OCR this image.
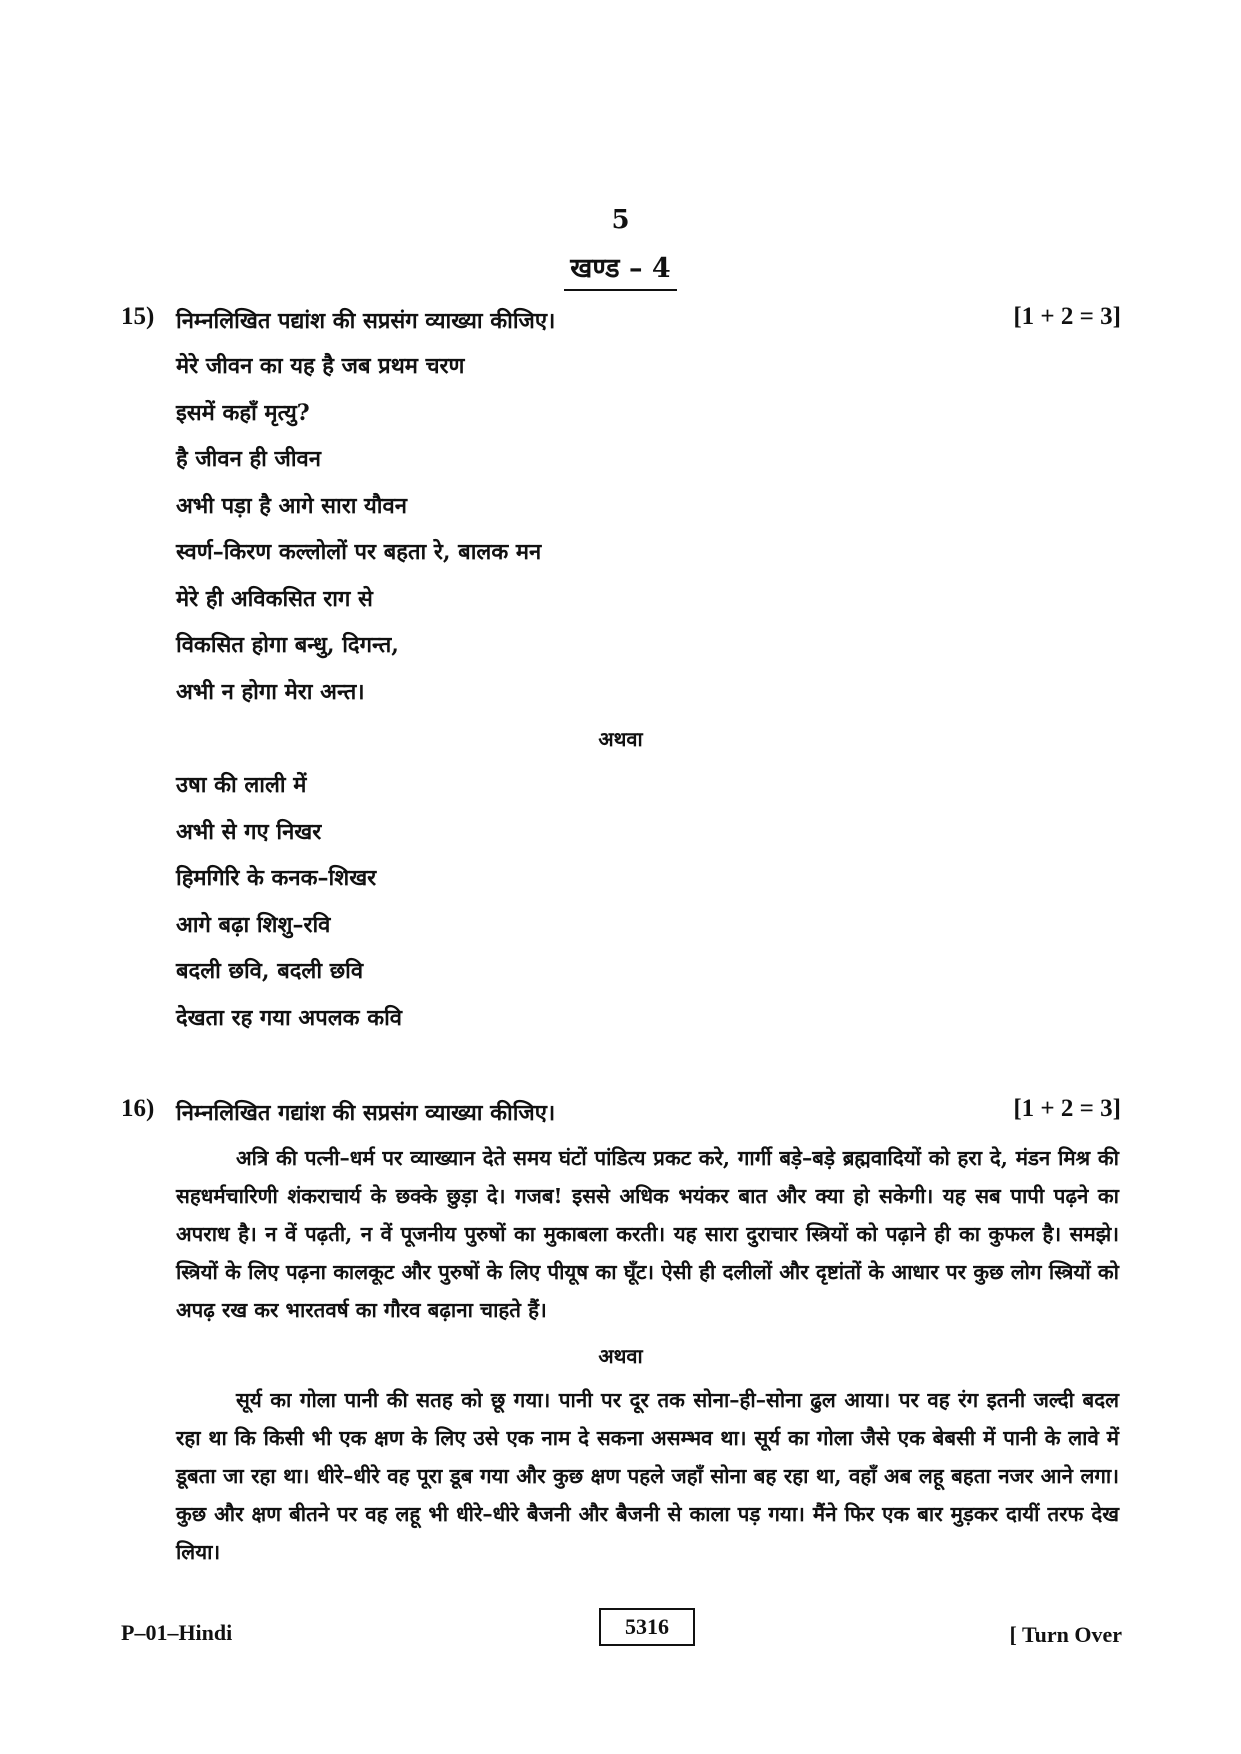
5
खण्ड – 4
15) निम्नलिखित पद्यांश की सप्रसंग व्याख्या कीजिए।	[1 + 2 = 3]
मेरे जीवन का यह है जब प्रथम चरण
इसमें कहाँ मृत्यु?
है जीवन ही जीवन
अभी पड़ा है आगे सारा यौवन
स्वर्ण–किरण कल्लोलों पर बहता रे, बालक मन
मेरे ही अविकसित राग से
विकसित होगा बन्धु, दिगन्त,
अभी न होगा मेरा अन्त।
अथवा
उषा की लाली में
अभी से गए निखर
हिमगिरि के कनक–शिखर
आगे बढ़ा शिशु–रवि
बदली छवि, बदली छवि
देखता रह गया अपलक कवि
16) निम्नलिखित गद्यांश की सप्रसंग व्याख्या कीजिए।	[1 + 2 = 3]
अत्रि की पत्नी–धर्म पर व्याख्यान देते समय घंटों पांडित्य प्रकट करे, गार्गी बड़े–बड़े ब्रह्मवादियों को हरा दे, मंडन मिश्र की सहधर्मचारिणी शंकराचार्य के छक्के छुड़ा दे। गजब! इससे अधिक भयंकर बात और क्या हो सकेगी। यह सब पापी पढ़ने का अपराध है। न वें पढ़ती, न वें पूजनीय पुरुषों का मुकाबला करती। यह सारा दुराचार स्त्रियों को पढ़ाने ही का कुफल है। समझे। स्त्रियों के लिए पढ़ना कालकूट और पुरुषों के लिए पीयूष का घूँट। ऐसी ही दलीलों और दृष्टांतों के आधार पर कुछ लोग स्त्रियों को अपढ़ रख कर भारतवर्ष का गौरव बढ़ाना चाहते हैं।
अथवा
सूर्य का गोला पानी की सतह को छू गया। पानी पर दूर तक सोना–ही–सोना ढुल आया। पर वह रंग इतनी जल्दी बदल रहा था कि किसी भी एक क्षण के लिए उसे एक नाम दे सकना असम्भव था। सूर्य का गोला जैसे एक बेबसी में पानी के लावे में डूबता जा रहा था। धीरे–धीरे वह पूरा डूब गया और कुछ क्षण पहले जहाँ सोना बह रहा था, वहाँ अब लहू बहता नजर आने लगा। कुछ और क्षण बीतने पर वह लहू भी धीरे–धीरे बैजनी और बैजनी से काला पड़ गया। मैंने फिर एक बार मुड़कर दायीं तरफ देख लिया।
P–01–Hindi	5316	[ Turn Over
